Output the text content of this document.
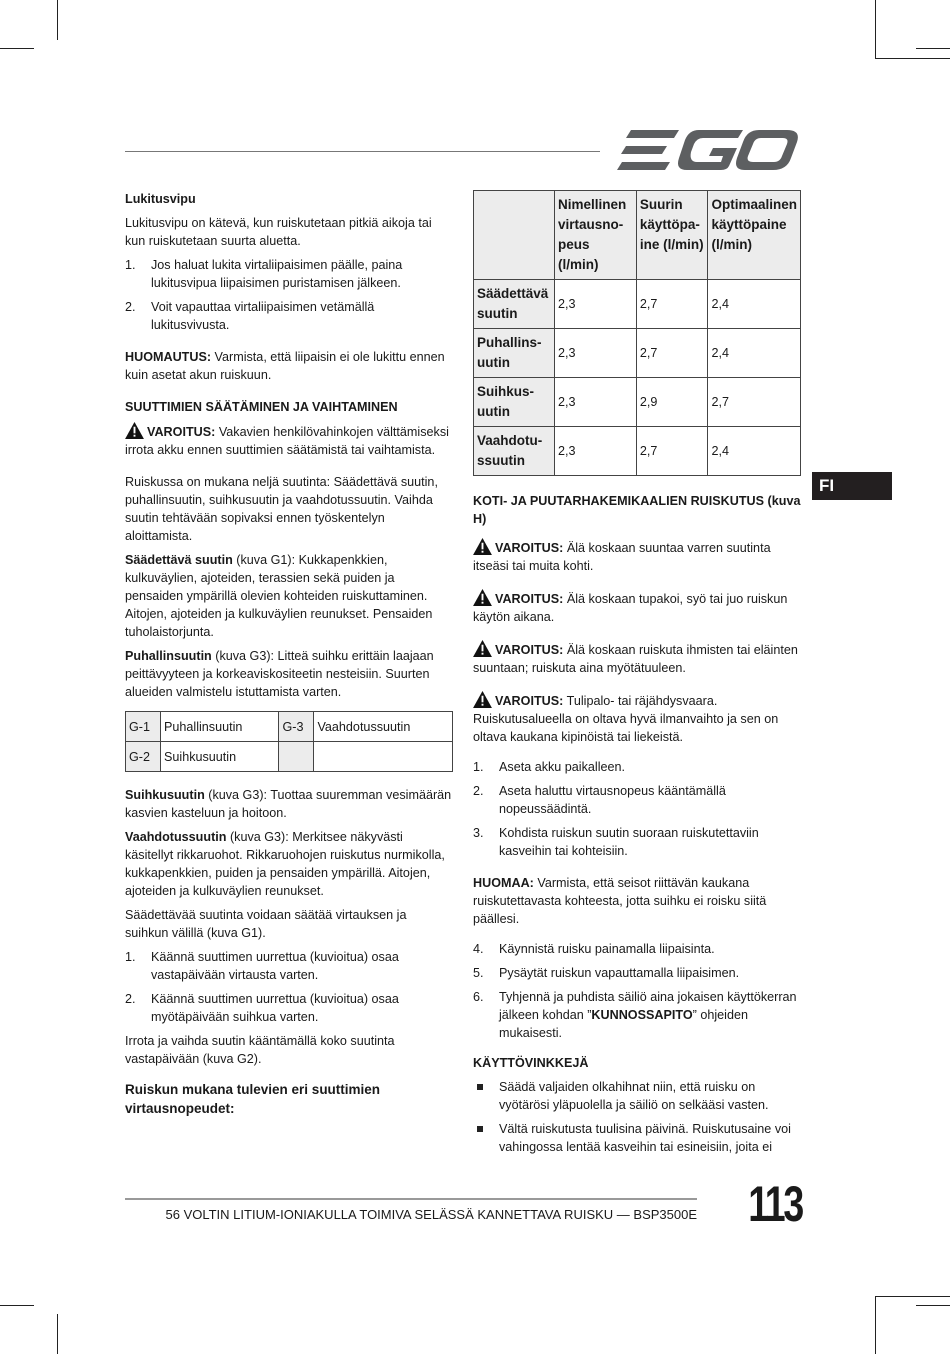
Lukitusvipu

Lukitusvipu on kätevä, kun ruiskutetaan pitkiä aikoja tai kun ruiskutetaan suurta aluetta.

1. Jos haluat lukita virtaliipaisimen päälle, paina lukitusvipua liipaisimen puristamisen jälkeen.
2. Voit vapauttaa virtaliipaisimen vetämällä lukitusvivusta.

HUOMAUTUS: Varmista, että liipaisin ei ole lukittu ennen kuin asetat akun ruiskuun.

SUUTTIMIEN SÄÄTÄMINEN JA VAIHTAMINEN

VAROITUS: Vakavien henkilövahinkojen välttämiseksi irrota akku ennen suuttimien säätämistä tai vaihtamista.

Ruiskussa on mukana neljä suutinta: Säädettävä suutin, puhallinsuutin, suihkusuutin ja vaahdotussuutin. Vaihda suutin tehtävään sopivaksi ennen työskentelyn aloittamista.

Säädettävä suutin (kuva G1): Kukkapenkkien, kulkuväylien, ajoteiden, terassien sekä puiden ja pensaiden ympärillä olevien kohteiden ruiskuttaminen. Aitojen, ajoteiden ja kulkuväylien reunukset. Pensaiden tuholaistorjunta.

Puhallinsuutin (kuva G3): Litteä suihku erittäin laajaan peittävyyteen ja korkeaviskositeetin nesteisiin. Suurten alueiden valmistelu istuttamista varten.

G-1	Puhallinsuutin	G-3	Vaahdotussuutin
G-2	Suihkusuutin		

Suihkusuutin (kuva G3): Tuottaa suuremman vesimäärän kasvien kasteluun ja hoitoon.

Vaahdotussuutin (kuva G3): Merkitsee näkyvästi käsitellyt rikkaruohot. Rikkaruohojen ruiskutus nurmikolla, kukkapenkkien, puiden ja pensaiden ympärillä. Aitojen, ajoteiden ja kulkuväylien reunukset.

Säädettävää suutinta voidaan säätää virtauksen ja suihkun välillä (kuva G1).

1. Käännä suuttimen uurrettua (kuvioitua) osaa vastapäivään virtausta varten.
2. Käännä suuttimen uurrettua (kuvioitua) osaa myötäpäivään suihkua varten.

Irrota ja vaihda suutin kääntämällä koko suutinta vastapäivään (kuva G2).

Ruiskun mukana tulevien eri suuttimien virtausnopeudet:
	Nimellinen virtausno-peus (l/min)	Suurin käyttöpa-ine (l/min)	Optimaalinen käyttöpaine (l/min)
Säädettävä suutin	2,3	2,7	2,4
Puhallins-uutin	2,3	2,7	2,4
Suihkus-uutin	2,3	2,9	2,7
Vaahdotu-ssuutin	2,3	2,7	2,4
KOTI- JA PUUTARHAKEMIKAALIEN RUISKUTUS (kuva H)

VAROITUS: Älä koskaan suuntaa varren suutinta itseäsi tai muita kohti.

VAROITUS: Älä koskaan tupakoi, syö tai juo ruiskun käytön aikana.

VAROITUS: Älä koskaan ruiskuta ihmisten tai eläinten suuntaan; ruiskuta aina myötätuuleen.

VAROITUS: Tulipalo- tai räjähdysvaara. Ruiskutusalueella on oltava hyvä ilmanvaihto ja sen on oltava kaukana kipinöistä tai liekeistä.

1. Aseta akku paikalleen.
2. Aseta haluttu virtausnopeus kääntämällä nopeussäädintä.
3. Kohdista ruiskun suutin suoraan ruiskutettaviin kasveihin tai kohteisiin.

HUOMAA: Varmista, että seisot riittävän kaukana ruiskutettavasta kohteesta, jotta suihku ei roisku siitä päällesi.

4. Käynnistä ruisku painamalla liipaisinta.
5. Pysäytät ruiskun vapauttamalla liipaisimen.
6. Tyhjennä ja puhdista säiliö aina jokaisen käyttökerran jälkeen kohdan ”KUNNOSSAPITO” ohjeiden mukaisesti.
KÄYTTÖVINKKEJÄ
Säädä valjaiden olkahihnat niin, että ruisku on vyötärösi yläpuolella ja säiliö on selkääsi vasten.
Vältä ruiskutusta tuulisina päivinä. Ruiskutusaine voi vahingossa lentää kasveihin tai esineisiin, joita ei
FI
56 VOLTIN LITIUM-IONIAKULLA TOIMIVA SELÄSSÄ KANNETTAVA RUISKU — BSP3500E 113
